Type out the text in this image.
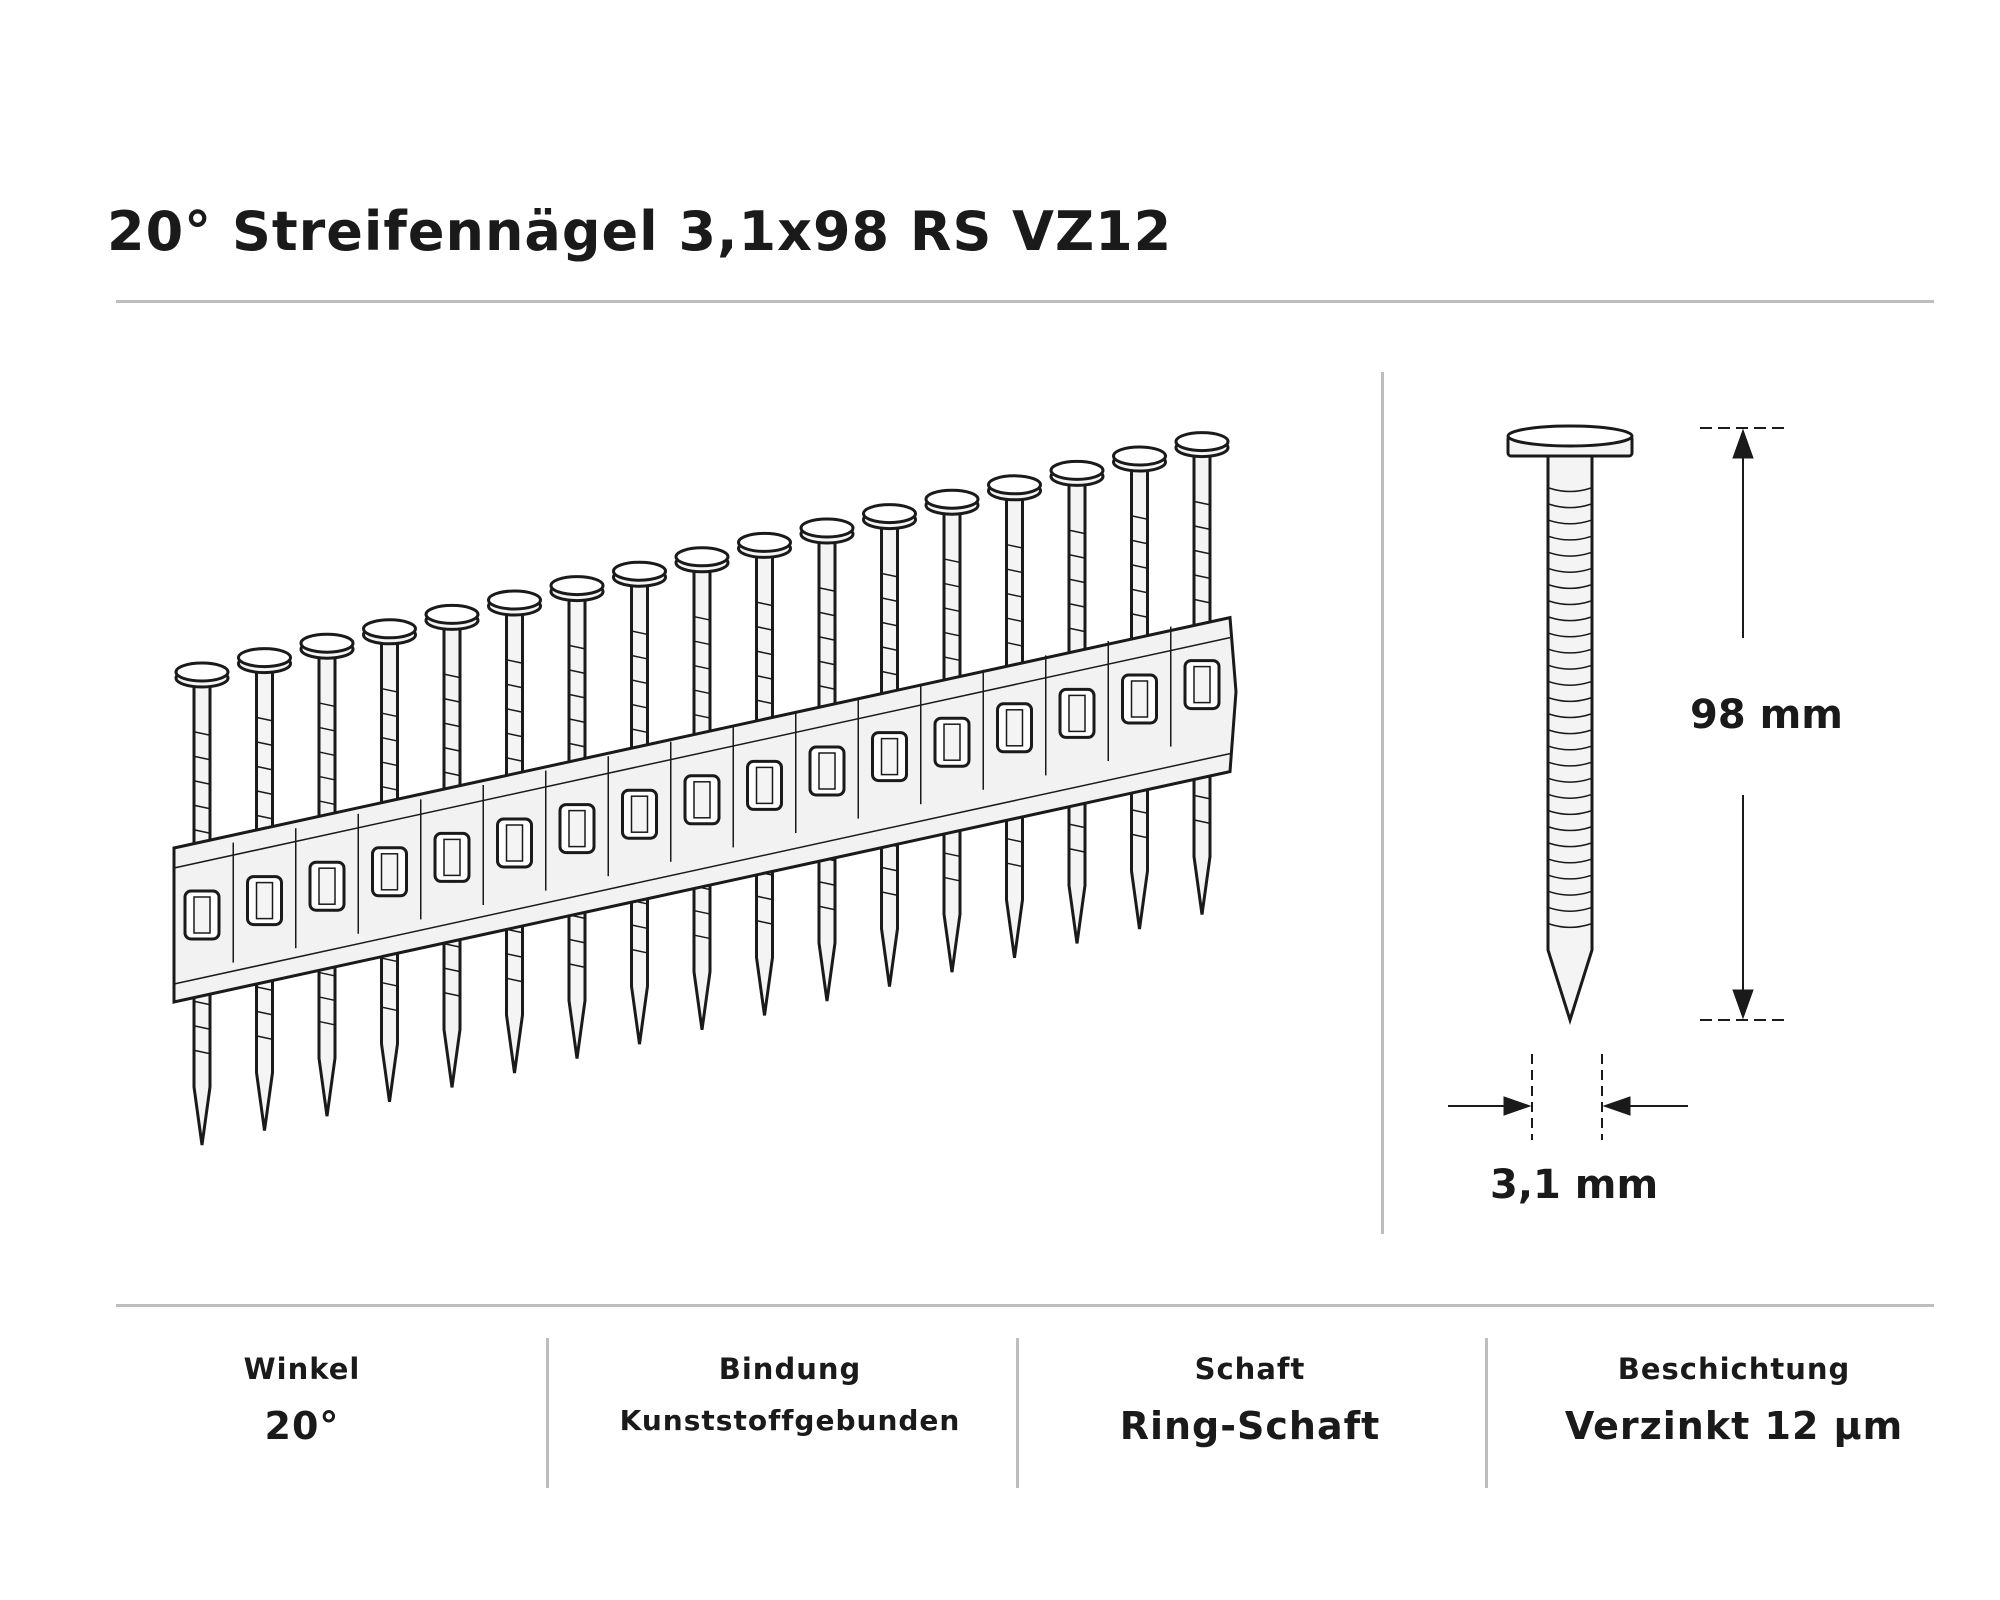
20° Streifennägel 3,1x98 RS VZ12
98 mm
3,1 mm
Winkel
20°
Bindung
Kunststoffgebunden
Schaft
Ring-Schaft
Beschichtung
Verzinkt 12 µm
